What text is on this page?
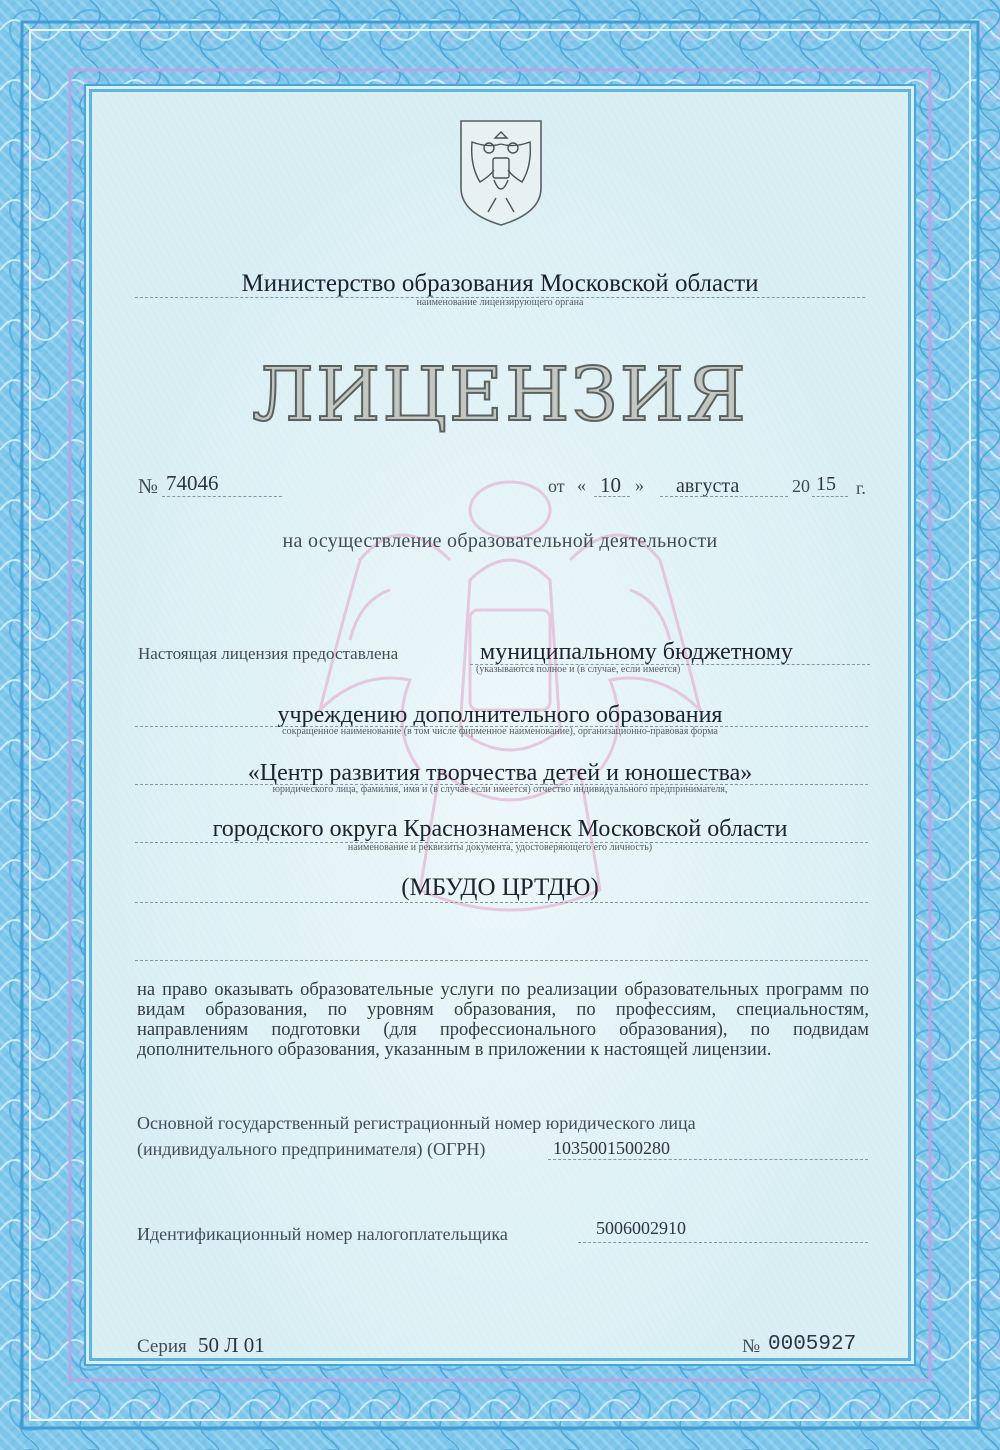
Министерство образования Московской области
наименование лицензирующего органа
ЛИЦЕНЗИЯ
№ 74046	от « 10 » августа	20 15 г.
на осуществление образовательной деятельности
Настоящая лицензия предоставлена	муниципальному бюджетному
(указываются полное и (в случае, если имеется)
учреждению дополнительного образования
сокращенное наименование (в том числе фирменное наименование), организационно-правовая форма
«Центр развития творчества детей и юношества»
юридического лица, фамилия, имя и (в случае если имеется) отчество индивидуального предпринимателя,
городского округа Краснознаменск Московской области
наименование и реквизиты документа, удостоверяющего его личность)
(МБУДО ЦРТДЮ)
на право оказывать образовательные услуги по реализации образовательных программ по видам образования, по уровням образования, по профессиям, специальностям, направлениям подготовки (для профессионального образования), по подвидам дополнительного образования, указанным в приложении к настоящей лицензии.
Основной государственный регистрационный номер юридического лица
(индивидуального предпринимателя) (ОГРН)	1035001500280
Идентификационный номер налогоплательщика	5006002910
Серия 50 Л 01	№ 0005927
